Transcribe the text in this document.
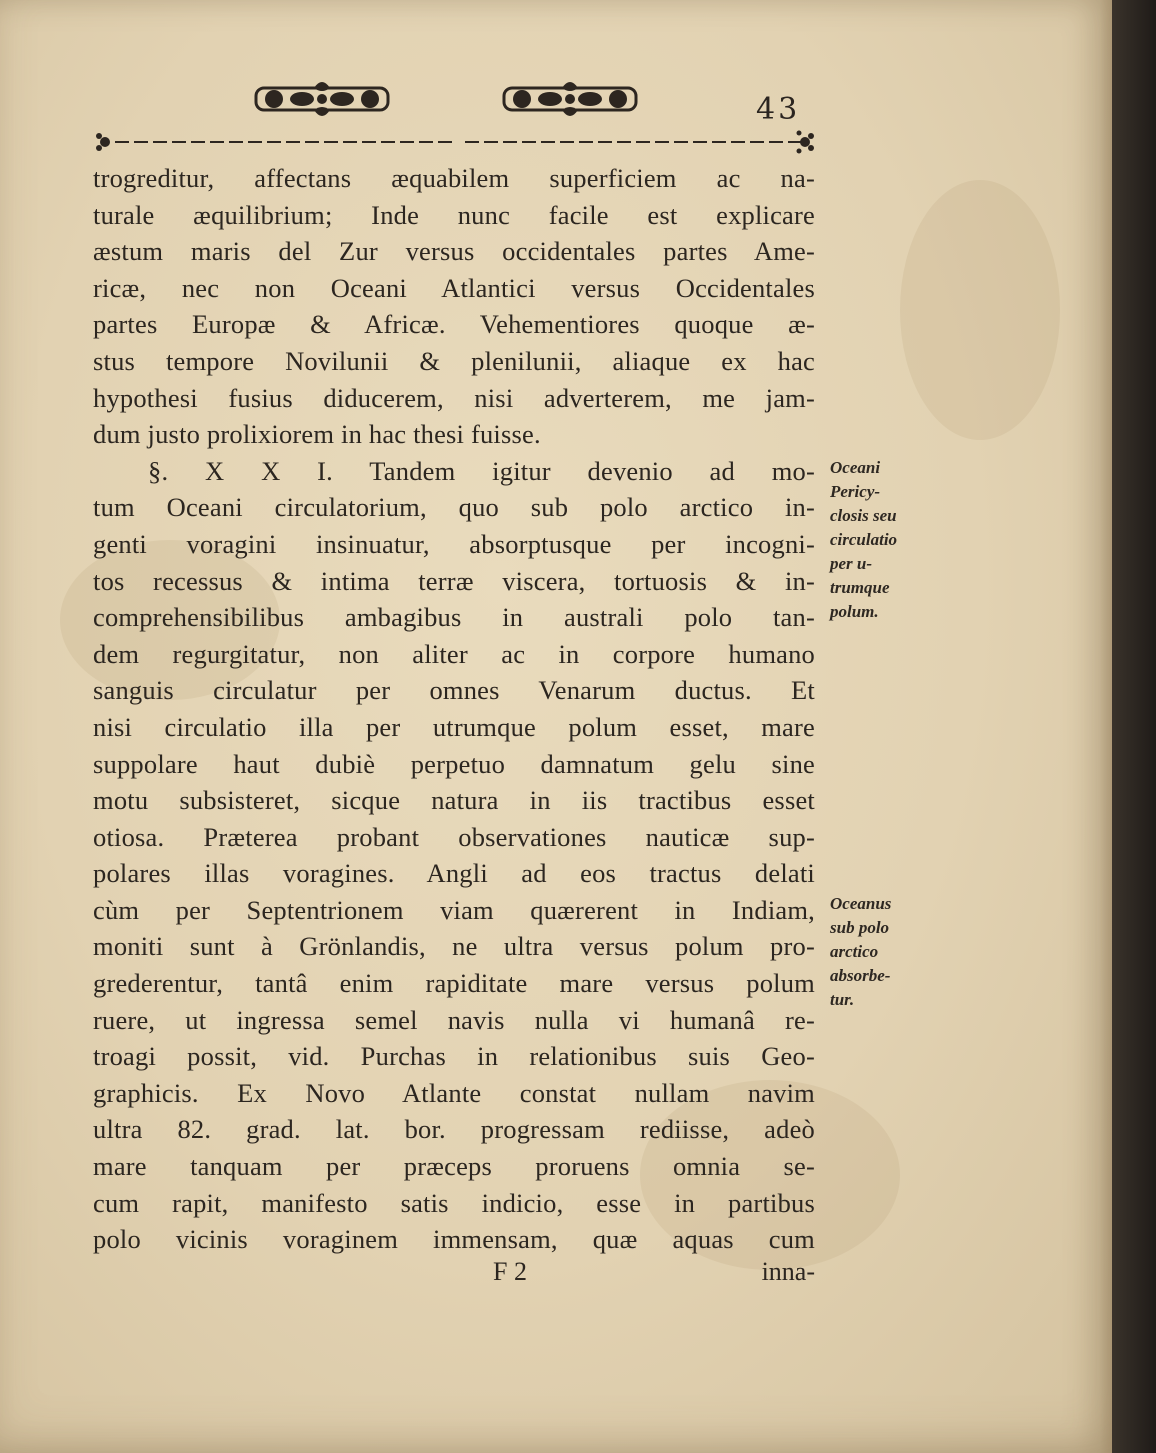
43
trogreditur, affectans æquabilem superficiem ac na-
turale æquilibrium; Inde nunc facile est explicare
æstum maris del Zur versus occidentales partes Ame-
ricæ, nec non Oceani Atlantici versus Occidentales
partes Europæ & Africæ. Vehementiores quoque æ-
stus tempore Novilunii & plenilunii, aliaque ex hac
hypothesi fusius diducerem, nisi adverterem, me jam-
dum justo prolixiorem in hac thesi fuisse.
§. X X I. Tandem igitur devenio ad mo-
tum Oceani circulatorium, quo sub polo arctico in-
genti voragini insinuatur, absorptusque per incogni-
tos recessus & intima terræ viscera, tortuosis & in-
comprehensibilibus ambagibus in australi polo tan-
dem regurgitatur, non aliter ac in corpore humano
sanguis circulatur per omnes Venarum ductus. Et
nisi circulatio illa per utrumque polum esset, mare
suppolare haut dubiè perpetuo damnatum gelu sine
motu subsisteret, sicque natura in iis tractibus esset
otiosa. Præterea probant observationes nauticæ sup-
polares illas voragines. Angli ad eos tractus delati
cùm per Septentrionem viam quærerent in Indiam,
moniti sunt à Grönlandis, ne ultra versus polum pro-
grederentur, tantâ enim rapiditate mare versus polum
ruere, ut ingressa semel navis nulla vi humanâ re-
troagi possit, vid. Purchas in relationibus suis Geo-
graphicis. Ex Novo Atlante constat nullam navim
ultra 82. grad. lat. bor. progressam rediisse, adeò
mare tanquam per præceps proruens omnia se-
cum rapit, manifesto satis indicio, esse in partibus
polo vicinis voraginem immensam, quæ aquas cum
Oceani
Pericy-
closis seu
circulatio
per u-
trumque
polum.
Oceanus
sub polo
arctico
absorbe-
tur.
F 2	inna-
